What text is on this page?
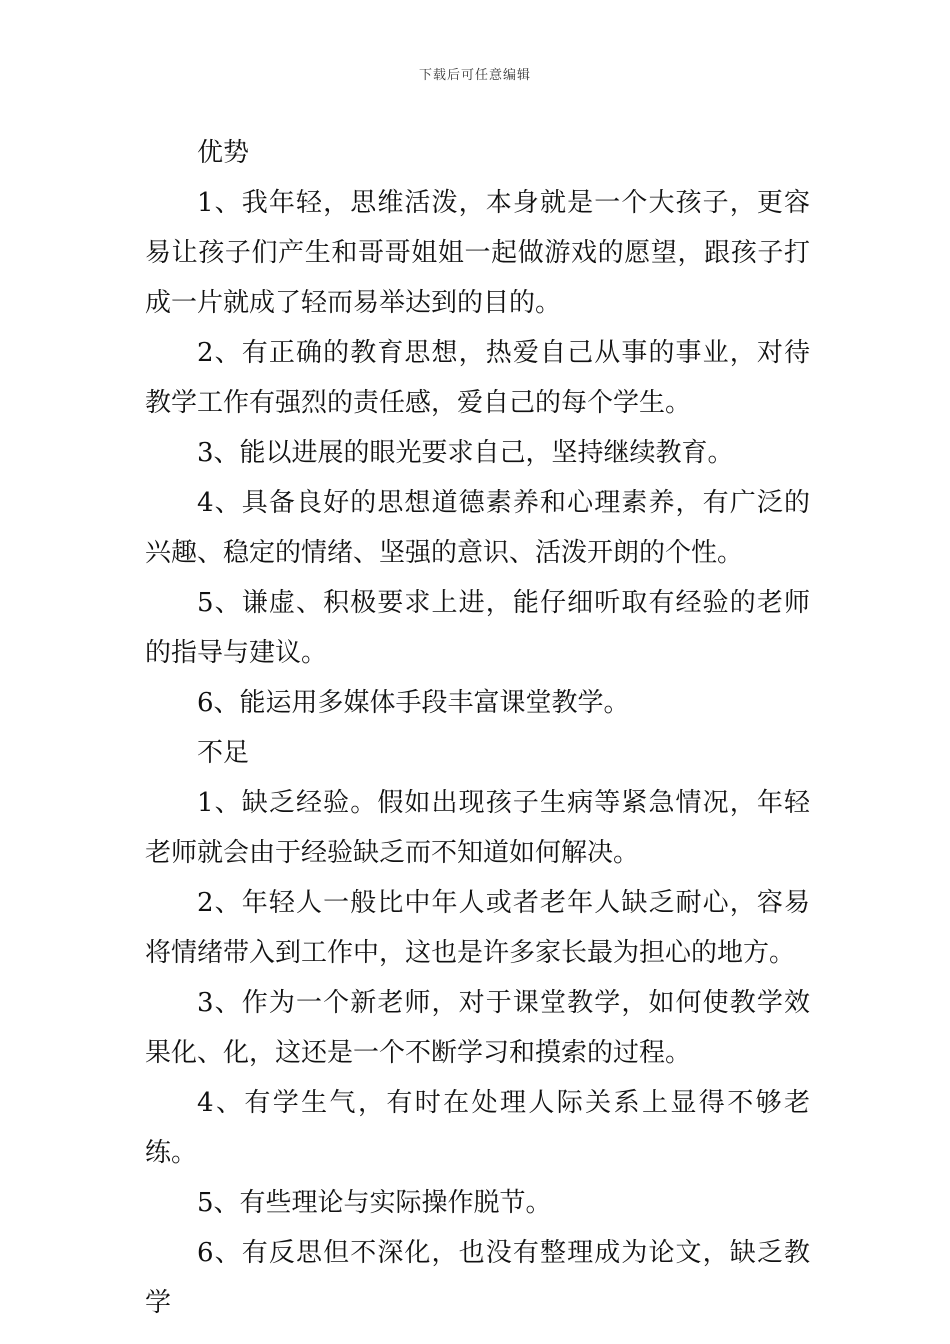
下载后可任意编辑

优势

1、我年轻，思维活泼，本身就是一个大孩子，更容易让孩子们产生和哥哥姐姐一起做游戏的愿望，跟孩子打成一片就成了轻而易举达到的目的。

2、有正确的教育思想，热爱自己从事的事业，对待教学工作有强烈的责任感，爱自己的每个学生。

3、能以进展的眼光要求自己，坚持继续教育。

4、具备良好的思想道德素养和心理素养，有广泛的兴趣、稳定的情绪、坚强的意识、活泼开朗的个性。

5、谦虚、积极要求上进，能仔细听取有经验的老师的指导与建议。

6、能运用多媒体手段丰富课堂教学。

不足

1、缺乏经验。假如出现孩子生病等紧急情况，年轻老师就会由于经验缺乏而不知道如何解决。

2、年轻人一般比中年人或者老年人缺乏耐心，容易将情绪带入到工作中，这也是许多家长最为担心的地方。

3、作为一个新老师，对于课堂教学，如何使教学效果化、化，这还是一个不断学习和摸索的过程。

4、有学生气，有时在处理人际关系上显得不够老练。

5、有些理论与实际操作脱节。

6、有反思但不深化，也没有整理成为论文，缺乏教学
